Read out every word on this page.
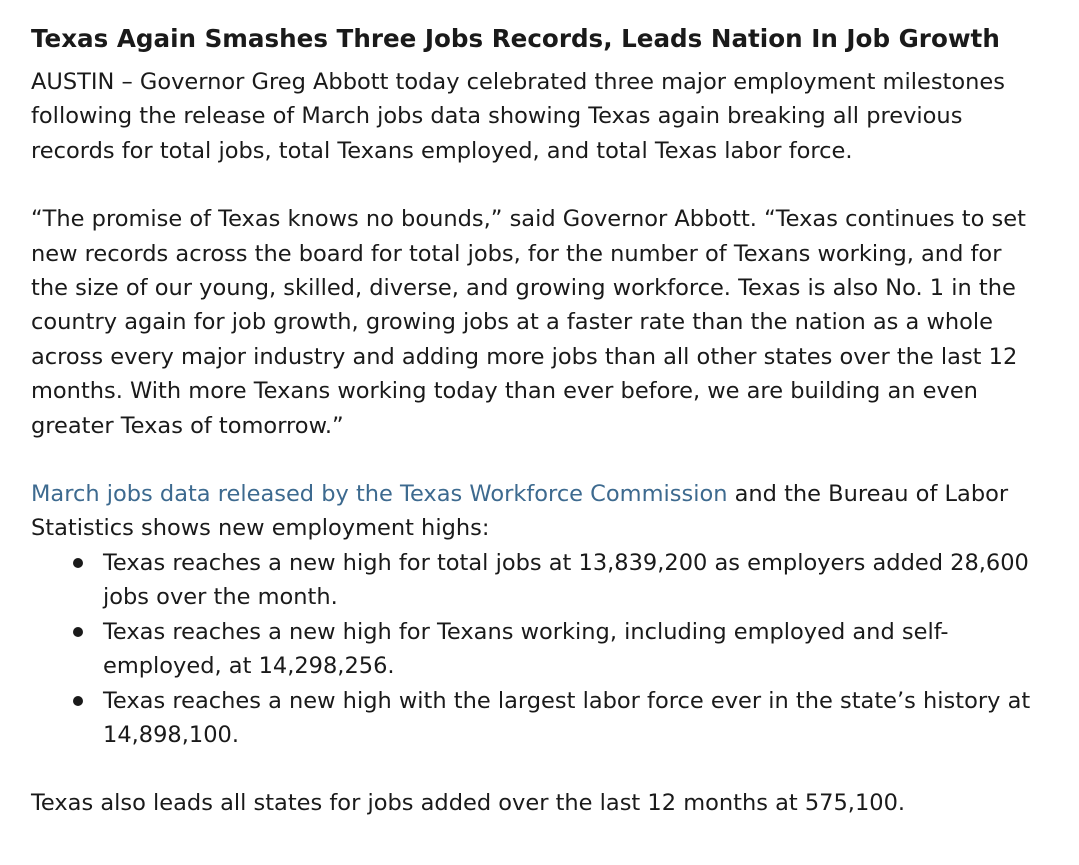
Texas Again Smashes Three Jobs Records, Leads Nation In Job Growth

AUSTIN – Governor Greg Abbott today celebrated three major employment milestones following the release of March jobs data showing Texas again breaking all previous records for total jobs, total Texans employed, and total Texas labor force.

“The promise of Texas knows no bounds,” said Governor Abbott. “Texas continues to set new records across the board for total jobs, for the number of Texans working, and for the size of our young, skilled, diverse, and growing workforce. Texas is also No. 1 in the country again for job growth, growing jobs at a faster rate than the nation as a whole across every major industry and adding more jobs than all other states over the last 12 months. With more Texans working today than ever before, we are building an even greater Texas of tomorrow.”

March jobs data released by the Texas Workforce Commission and the Bureau of Labor Statistics shows new employment highs:

Texas reaches a new high for total jobs at 13,839,200 as employers added 28,600 jobs over the month.
Texas reaches a new high for Texans working, including employed and self-employed, at 14,298,256.
Texas reaches a new high with the largest labor force ever in the state’s history at 14,898,100.

Texas also leads all states for jobs added over the last 12 months at 575,100.
